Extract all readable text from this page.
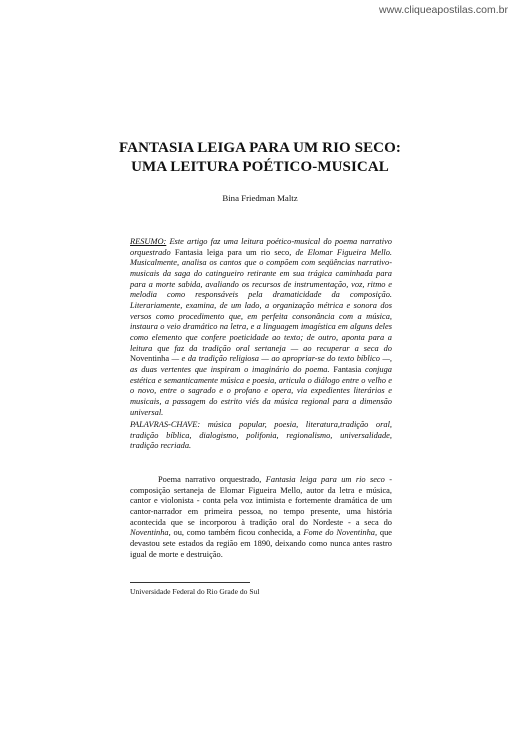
www.cliqueapostilas.com.br
FANTASIA LEIGA PARA UM RIO SECO:
UMA LEITURA POÉTICO-MUSICAL
Bina Friedman Maltz
RESUMO: Este artigo faz uma leitura poético-musical do poema narrativo orquestrado Fantasia leiga para um rio seco, de Elomar Figueira Mello. Musicalmente, analisa os cantos que o compõem com seqüências narrativo-musicais da saga do catingueiro retirante em sua trágica caminhada para para a morte sabida, avaliando os recursos de instrumentação, voz, ritmo e melodia como responsáveis pela dramaticidade da composição. Literariamente, examina, de um lado, a organização métrica e sonora dos versos como procedimento que, em perfeita consonância com a música, instaura o veio dramático na letra, e a linguagem imagística em alguns deles como elemento que confere poeticidade ao texto; de outro, aponta para a leitura que faz da tradição oral sertaneja — ao recuperar a seca do Noventinha — e da tradição religiosa — ao apropriar-se do texto bíblico —, as duas vertentes que inspiram o imaginário do poema. Fantasia conjuga estética e semanticamente música e poesia, articula o diálogo entre o velho e o novo, entre o sagrado e o profano e opera, via expedientes literários e musicais, a passagem do estrito viés da música regional para a dimensão universal.
PALAVRAS-CHAVE: música popular, poesia, literatura,tradição oral, tradição bíblica, dialogismo, polifonia, regionalismo, universalidade, tradição recriada.
Poema narrativo orquestrado, Fantasia leiga para um rio seco - composição sertaneja de Elomar Figueira Mello, autor da letra e música, cantor e violonista - conta pela voz intimista e fortemente dramática de um cantor-narrador em primeira pessoa, no tempo presente, uma história acontecida que se incorporou à tradição oral do Nordeste - a seca do Noventinha, ou, como também ficou conhecida, a Fome do Noventinha, que devastou sete estados da região em 1890, deixando como nunca antes rastro igual de morte e destruição.
Universidade Federal do Rio Grade do Sul
